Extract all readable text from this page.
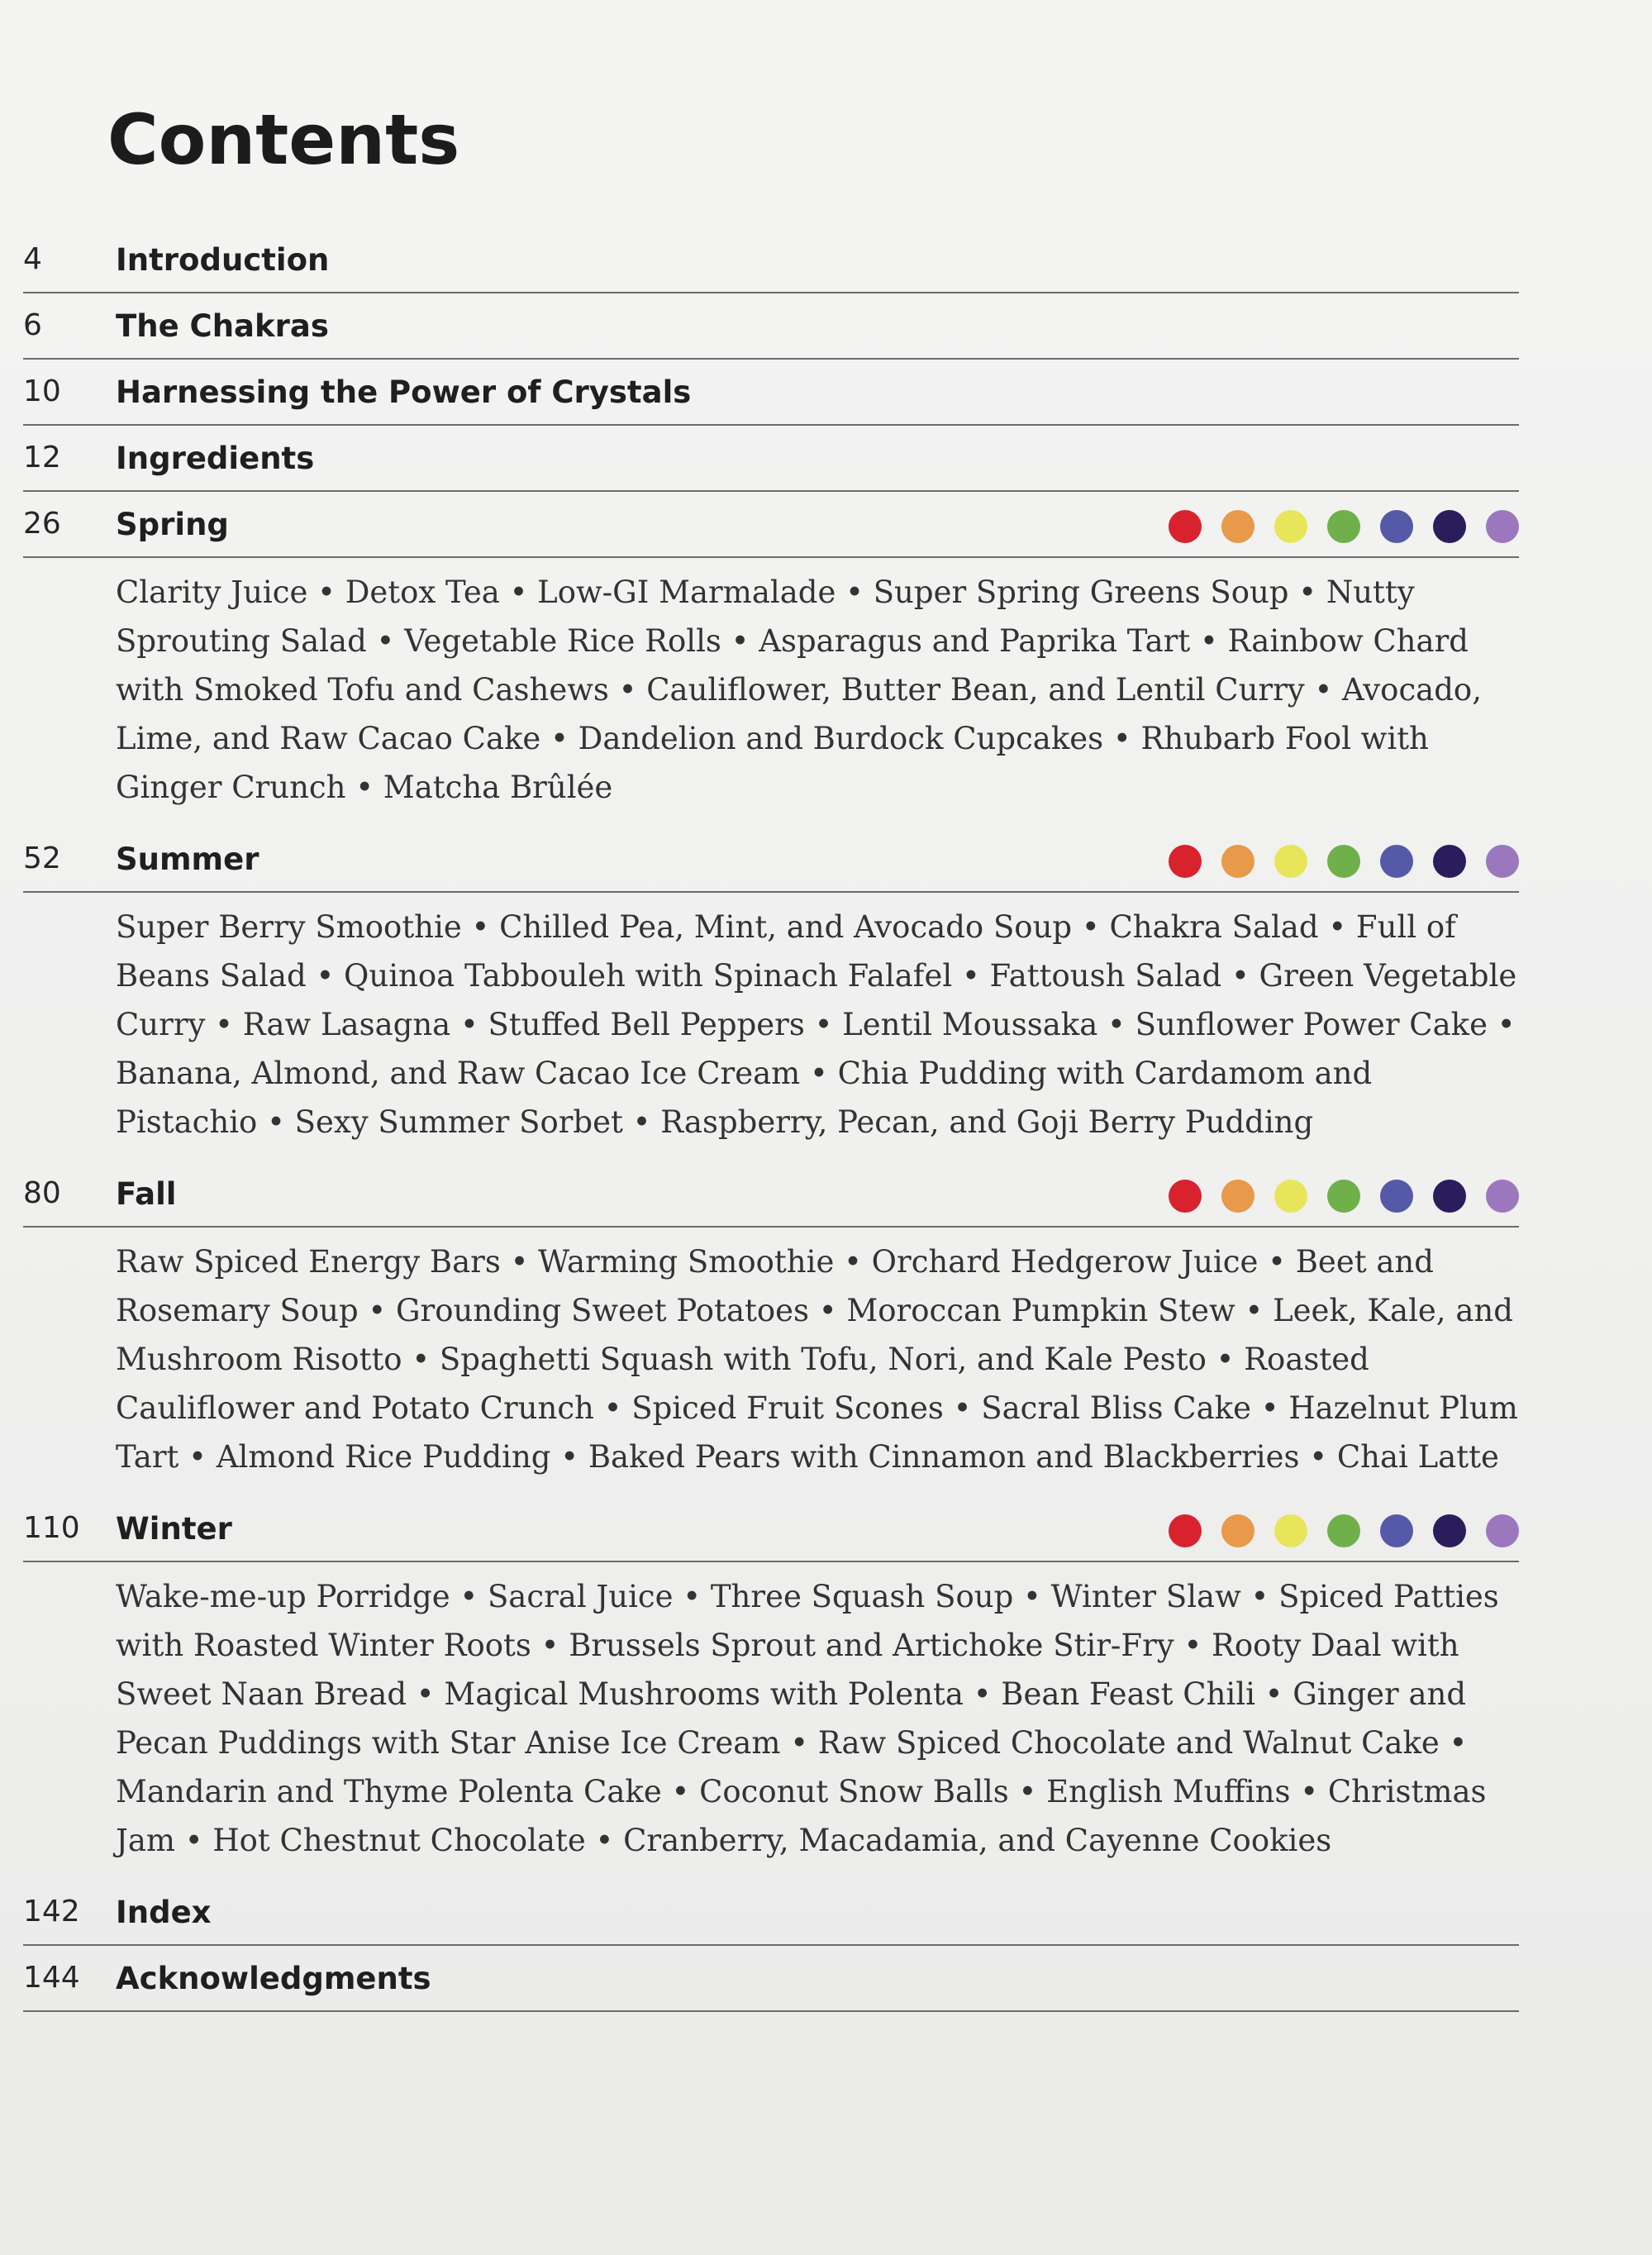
Contents
4 Introduction
6 The Chakras
10 Harnessing the Power of Crystals
12 Ingredients
26 Spring

Clarity Juice • Detox Tea • Low-GI Marmalade • Super Spring Greens Soup • Nutty Sprouting Salad • Vegetable Rice Rolls • Asparagus and Paprika Tart • Rainbow Chard with Smoked Tofu and Cashews • Cauliflower, Butter Bean, and Lentil Curry • Avocado, Lime, and Raw Cacao Cake • Dandelion and Burdock Cupcakes • Rhubarb Fool with Ginger Crunch • Matcha Brûlée

52 Summer

Super Berry Smoothie • Chilled Pea, Mint, and Avocado Soup • Chakra Salad • Full of Beans Salad • Quinoa Tabbouleh with Spinach Falafel • Fattoush Salad • Green Vegetable Curry • Raw Lasagna • Stuffed Bell Peppers • Lentil Moussaka • Sunflower Power Cake • Banana, Almond, and Raw Cacao Ice Cream • Chia Pudding with Cardamom and Pistachio • Sexy Summer Sorbet • Raspberry, Pecan, and Goji Berry Pudding

80 Fall

Raw Spiced Energy Bars • Warming Smoothie • Orchard Hedgerow Juice • Beet and Rosemary Soup • Grounding Sweet Potatoes • Moroccan Pumpkin Stew • Leek, Kale, and Mushroom Risotto • Spaghetti Squash with Tofu, Nori, and Kale Pesto • Roasted Cauliflower and Potato Crunch • Spiced Fruit Scones • Sacral Bliss Cake • Hazelnut Plum Tart • Almond Rice Pudding • Baked Pears with Cinnamon and Blackberries • Chai Latte

110 Winter

Wake-me-up Porridge • Sacral Juice • Three Squash Soup • Winter Slaw • Spiced Patties with Roasted Winter Roots • Brussels Sprout and Artichoke Stir-Fry • Rooty Daal with Sweet Naan Bread • Magical Mushrooms with Polenta • Bean Feast Chili • Ginger and Pecan Puddings with Star Anise Ice Cream • Raw Spiced Chocolate and Walnut Cake • Mandarin and Thyme Polenta Cake • Coconut Snow Balls • English Muffins • Christmas Jam • Hot Chestnut Chocolate • Cranberry, Macadamia, and Cayenne Cookies

142 Index
144 Acknowledgments
